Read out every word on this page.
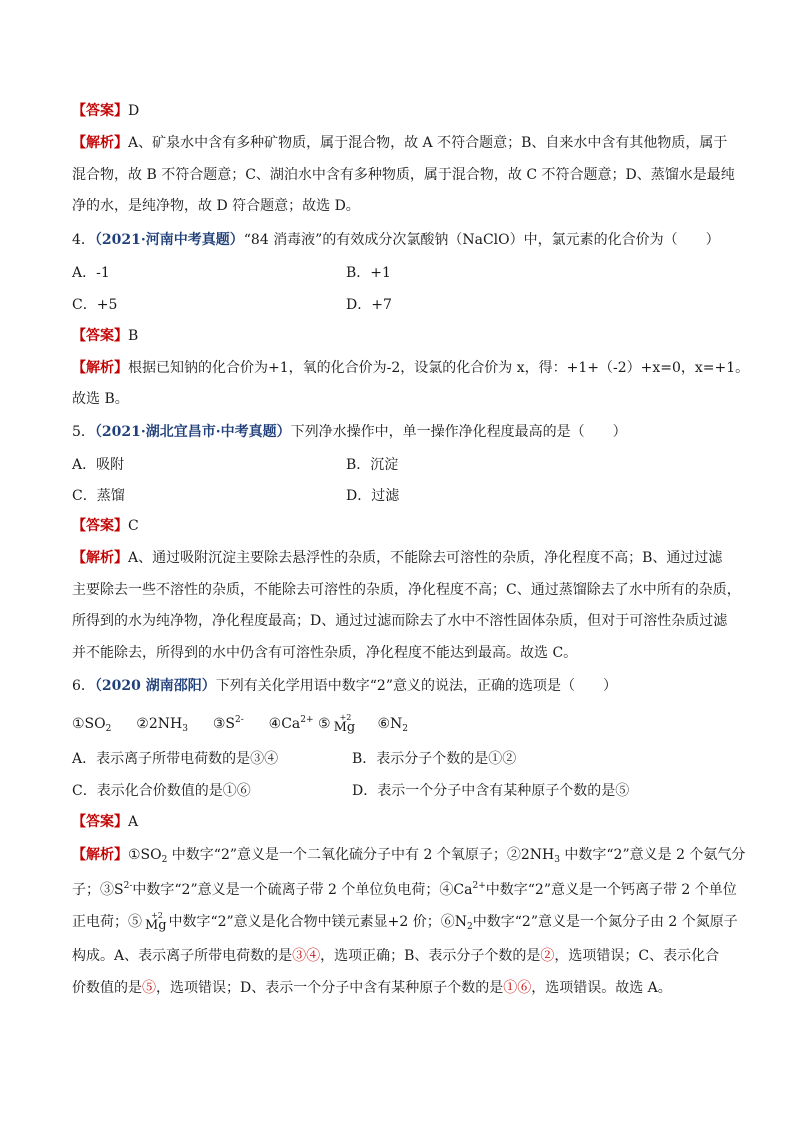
【答案】D
【解析】A、矿泉水中含有多种矿物质，属于混合物，故 A 不符合题意；B、自来水中含有其他物质，属于
混合物，故 B 不符合题意；C、湖泊水中含有多种物质，属于混合物，故 C 不符合题意；D、蒸馏水是最纯
净的水，是纯净物，故 D 符合题意；故选 D。
4．（2021·河南中考真题）“84 消毒液”的有效成分次氯酸钠（NaClO）中，氯元素的化合价为（　　）
A．-1	B．+1
C．+5	D．+7
【答案】B
【解析】根据已知钠的化合价为+1，氧的化合价为-2，设氯的化合价为 x，得：+1+（-2）+x=0，x=+1。
故选 B。
5．（2021·湖北宜昌市·中考真题）下列净水操作中，单一操作净化程度最高的是（　　）
A．吸附	B．沉淀
C．蒸馏	D．过滤
【答案】C
【解析】A、通过吸附沉淀主要除去悬浮性的杂质，不能除去可溶性的杂质，净化程度不高；B、通过过滤
主要除去一些不溶性的杂质，不能除去可溶性的杂质，净化程度不高；C、通过蒸馏除去了水中所有的杂质，
所得到的水为纯净物，净化程度最高；D、通过过滤而除去了水中不溶性固体杂质，但对于可溶性杂质过滤
并不能除去，所得到的水中仍含有可溶性杂质，净化程度不能达到最高。故选 C。
6．（2020 湖南邵阳）下列有关化学用语中数字“2”意义的说法，正确的选项是（　　）
$①SO_2$ $②2NH_3$ $③S^{2-}$ $④Ca^{2+}$ ⑤ +2
Mg $⑥N_2$
A．表示离子所带电荷数的是③④	B．表示分子个数的是①②
C．表示化合价数值的是①⑥	D．表示一个分子中含有某种原子个数的是⑤
【答案】A
【解析】$①SO_2$ 中数字“2”意义是一个二氧化硫分子中有 2 个氧原子；$②2NH_3$ 中数字“2”意义是 2 个氨气分
子；$③S^{2-}$中数字“2”意义是一个硫离子带 2 个单位负电荷；$④Ca^{2+}$中数字“2”意义是一个钙离子带 2 个单位
正电荷；⑤ +2
Mg 中数字“2”意义是化合物中镁元素显+2 价；$⑥N_2$中数字“2”意义是一个氮分子由 2 个氮原子
构成。A、表示离子所带电荷数的是③④，选项正确；B、表示分子个数的是②，选项错误；C、表示化合
价数值的是⑤，选项错误；D、表示一个分子中含有某种原子个数的是①⑥，选项错误。故选 A。
